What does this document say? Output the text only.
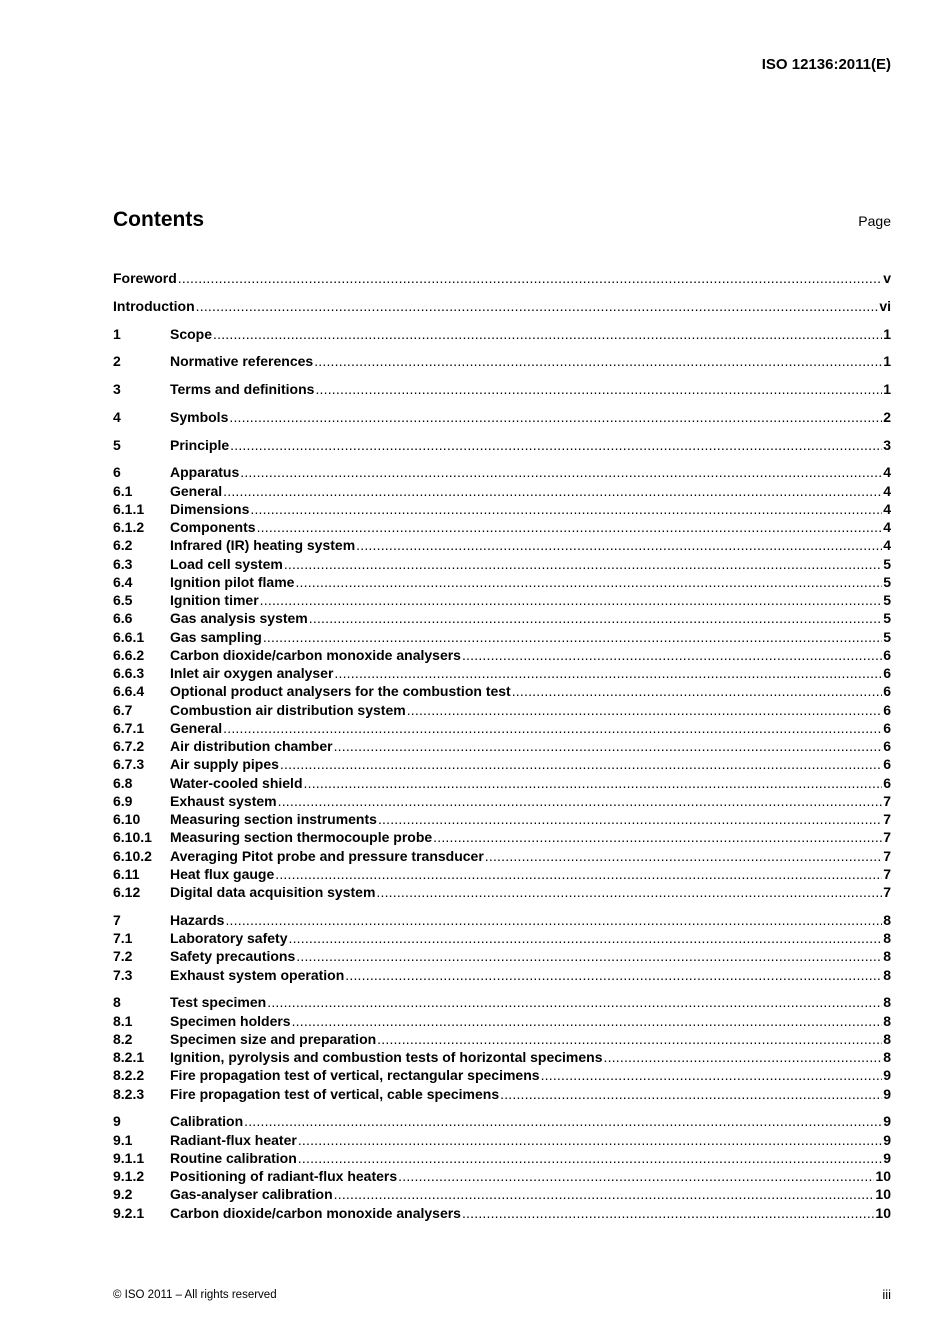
ISO 12136:2011(E)
Contents	Page
Foreword .....	v
Introduction .....	vi
1	Scope .....	1
2	Normative references .....	1
3	Terms and definitions .....	1
4	Symbols .....	2
5	Principle .....	3
6	Apparatus .....	4
6.1	General .....	4
6.1.1	Dimensions .....	4
6.1.2	Components .....	4
6.2	Infrared (IR) heating system .....	4
6.3	Load cell system .....	5
6.4	Ignition pilot flame .....	5
6.5	Ignition timer .....	5
6.6	Gas analysis system .....	5
6.6.1	Gas sampling .....	5
6.6.2	Carbon dioxide/carbon monoxide analysers .....	6
6.6.3	Inlet air oxygen analyser .....	6
6.6.4	Optional product analysers for the combustion test .....	6
6.7	Combustion air distribution system .....	6
6.7.1	General .....	6
6.7.2	Air distribution chamber .....	6
6.7.3	Air supply pipes .....	6
6.8	Water-cooled shield .....	6
6.9	Exhaust system .....	7
6.10	Measuring section instruments .....	7
6.10.1	Measuring section thermocouple probe .....	7
6.10.2	Averaging Pitot probe and pressure transducer .....	7
6.11	Heat flux gauge .....	7
6.12	Digital data acquisition system .....	7
7	Hazards .....	8
7.1	Laboratory safety .....	8
7.2	Safety precautions .....	8
7.3	Exhaust system operation .....	8
8	Test specimen .....	8
8.1	Specimen holders .....	8
8.2	Specimen size and preparation .....	8
8.2.1	Ignition, pyrolysis and combustion tests of horizontal specimens .....	8
8.2.2	Fire propagation test of vertical, rectangular specimens .....	9
8.2.3	Fire propagation test of vertical, cable specimens .....	9
9	Calibration .....	9
9.1	Radiant-flux heater .....	9
9.1.1	Routine calibration .....	9
9.1.2	Positioning of radiant-flux heaters .....	10
9.2	Gas-analyser calibration .....	10
9.2.1	Carbon dioxide/carbon monoxide analysers .....	10
© ISO 2011 – All rights reserved	iii
